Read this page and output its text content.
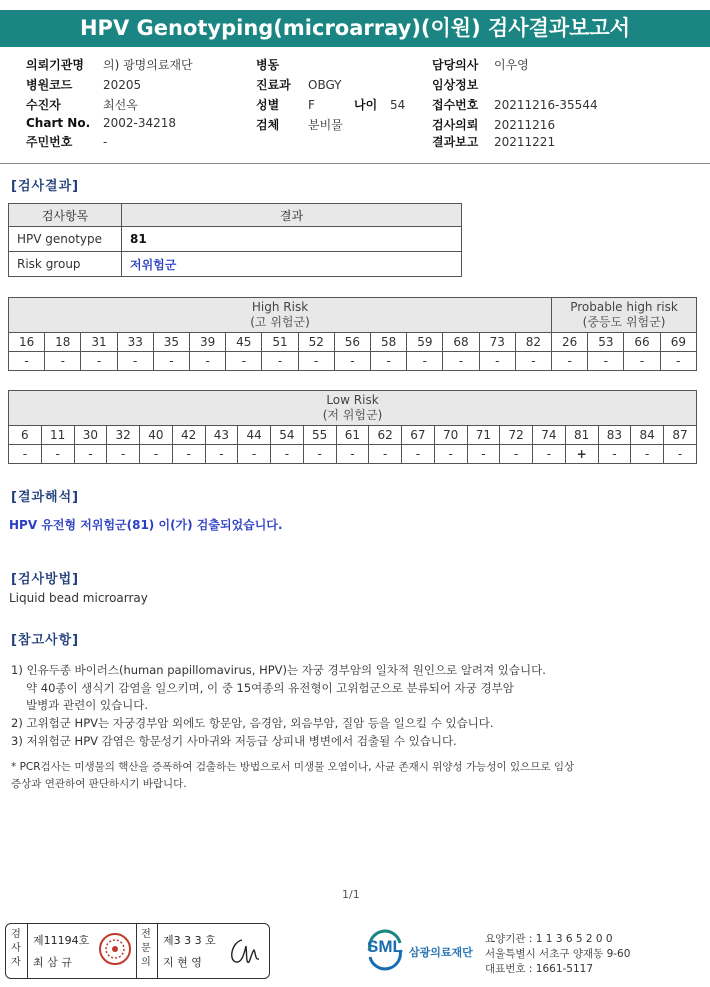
HPV Genotyping(microarray)(이원) 검사결과보고서
의뢰기관명 의) 광명의료재단
병원코드	20205
수진자	최선옥
Chart No. 2002-34218
주민번호	-
병동
진료과 OBGY
성별 F	나이 54
검체 분비물
담당의사 이우영
임상정보
접수번호 20211216-35544
검사의뢰 20211216
결과보고 20211221
[검사결과]
검사항목	결과
HPV genotype	81
Risk group	저위험군
High Risk
(고 위험군)															Probable high risk
(중등도 위험군)			
16	18	31	33	35	39	45	51	52	56	58	59	68	73	82	26	53	66	69
-	-	-	-	-	-	-	-	-	-	-	-	-	-	-	-	-	-	-
Low Risk
(저 위험군)																				
6	11	30	32	40	42	43	44	54	55	61	62	67	70	71	72	74	81	83	84	87
-	-	-	-	-	-	-	-	-	-	-	-	-	-	-	-	-	+	-	-	-
[결과해석]
HPV 유전형 저위험군(81) 이(가) 검출되었습니다.
[검사방법]
Liquid bead microarray
[참고사항]
1) 인유두종 바이러스(human papillomavirus, HPV)는 자궁 경부암의 일차적 원인으로 알려져 있습니다.
약 40종이 생식기 감염을 일으키며, 이 중 15여종의 유전형이 고위험군으로 분류되어 자궁 경부암
발병과 관련이 있습니다.
2) 고위험군 HPV는 자궁경부암 외에도 항문암, 음경암, 외음부암, 질암 등을 일으킬 수 있습니다.
3) 저위험군 HPV 감염은 항문성기 사마귀와 저등급 상피내 병변에서 검출될 수 있습니다.
* PCR검사는 미생물의 핵산을 증폭하여 검출하는 방법으로서 미생물 오염이나, 사균 존재시 위양성 가능성이 있으므로 임상
증상과 연관하여 판단하시기 바랍니다.
1/1
검사자
제11194호
최 삼 규
전문의
제3 3 3 호
지 현 영
SML 삼광의료재단
요양기관 : 1 1 3 6 5 2 0 0
서울특별시 서초구 양재동 9-60
대표번호 : 1661-5117
